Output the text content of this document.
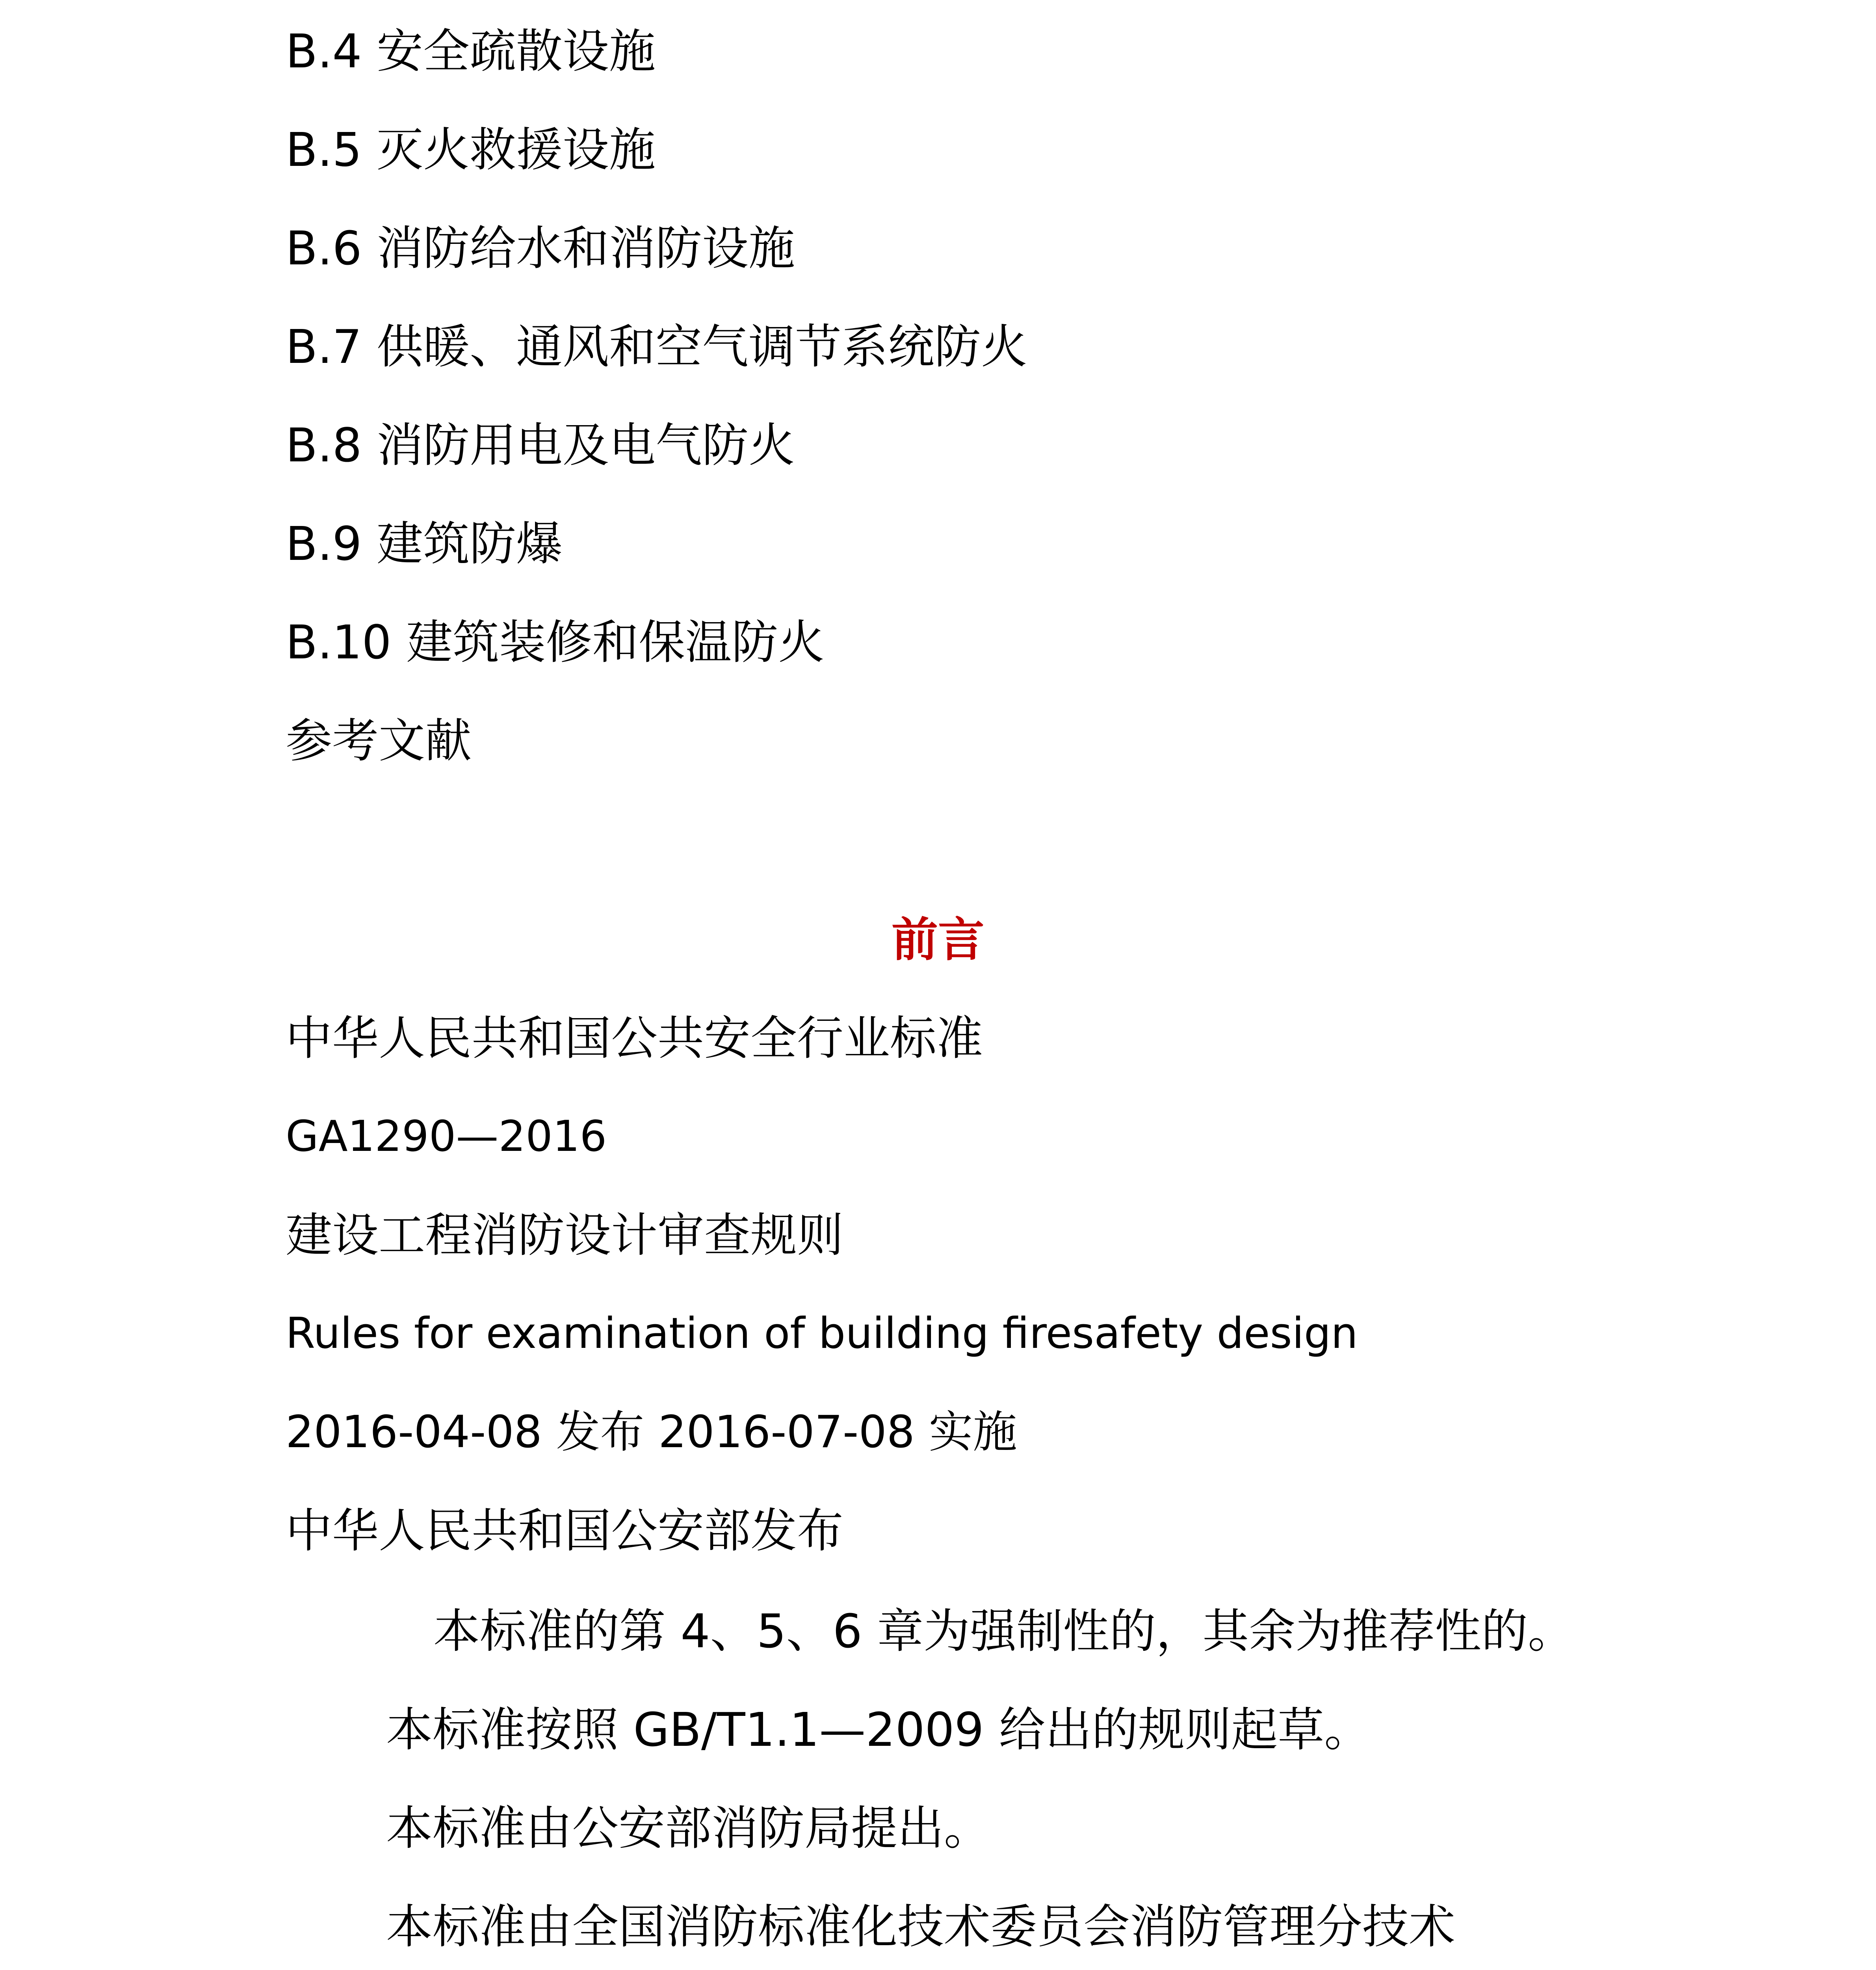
B.4 安全疏散设施
B.5 灭火救援设施
B.6 消防给水和消防设施
B.7 供暖、通风和空气调节系统防火
B.8 消防用电及电气防火
B.9 建筑防爆
B.10 建筑装修和保温防火
参考文献
前言
中华人民共和国公共安全行业标准
GA1290—2016
建设工程消防设计审查规则
Rules for examination of building firesafety design
2016-04-08 发布 2016-07-08 实施
中华人民共和国公安部发布
本标准的第 4、5、6 章为强制性的，其余为推荐性的。
本标准按照 GB/T1.1—2009 给出的规则起草。
本标准由公安部消防局提出。
本标准由全国消防标准化技术委员会消防管理分技术
